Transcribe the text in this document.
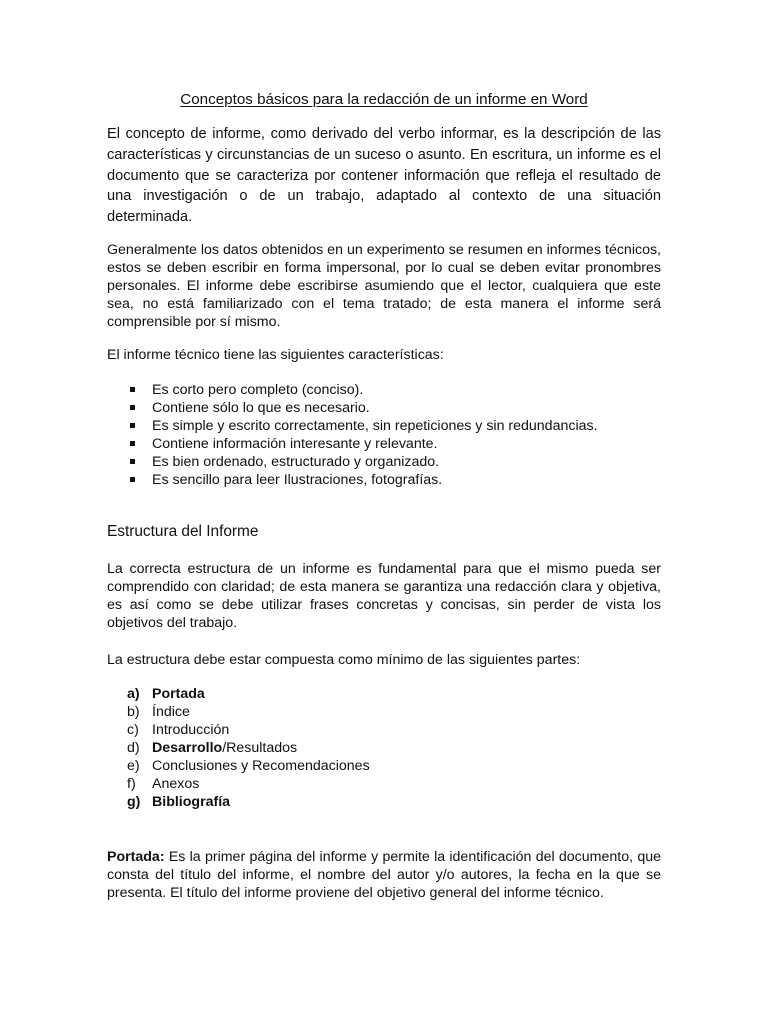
Conceptos básicos para la redacción de un informe en Word

El concepto de informe, como derivado del verbo informar, es la descripción de las características y circunstancias de un suceso o asunto. En escritura, un informe es el documento que se caracteriza por contener información que refleja el resultado de una investigación o de un trabajo, adaptado al contexto de una situación determinada.

Generalmente los datos obtenidos en un experimento se resumen en informes técnicos, estos se deben escribir en forma impersonal, por lo cual se deben evitar pronombres personales. El informe debe escribirse asumiendo que el lector, cualquiera que este sea, no está familiarizado con el tema tratado; de esta manera el informe será comprensible por sí mismo.

El informe técnico tiene las siguientes características:

Es corto pero completo (conciso).
Contiene sólo lo que es necesario.
Es simple y escrito correctamente, sin repeticiones y sin redundancias.
Contiene información interesante y relevante.
Es bien ordenado, estructurado y organizado.
Es sencillo para leer Ilustraciones, fotografías.
Estructura del Informe

La correcta estructura de un informe es fundamental para que el mismo pueda ser comprendido con claridad; de esta manera se garantiza una redacción clara y objetiva, es así como se debe utilizar frases concretas y concisas, sin perder de vista los objetivos del trabajo.

La estructura debe estar compuesta como mínimo de las siguientes partes:

a) Portada
b) Índice
c) Introducción
d) Desarrollo/Resultados
e) Conclusiones y Recomendaciones
f) Anexos
g) Bibliografía

Portada: Es la primer página del informe y permite la identificación del documento, que consta del título del informe, el nombre del autor y/o autores, la fecha en la que se presenta. El título del informe proviene del objetivo general del informe técnico.
